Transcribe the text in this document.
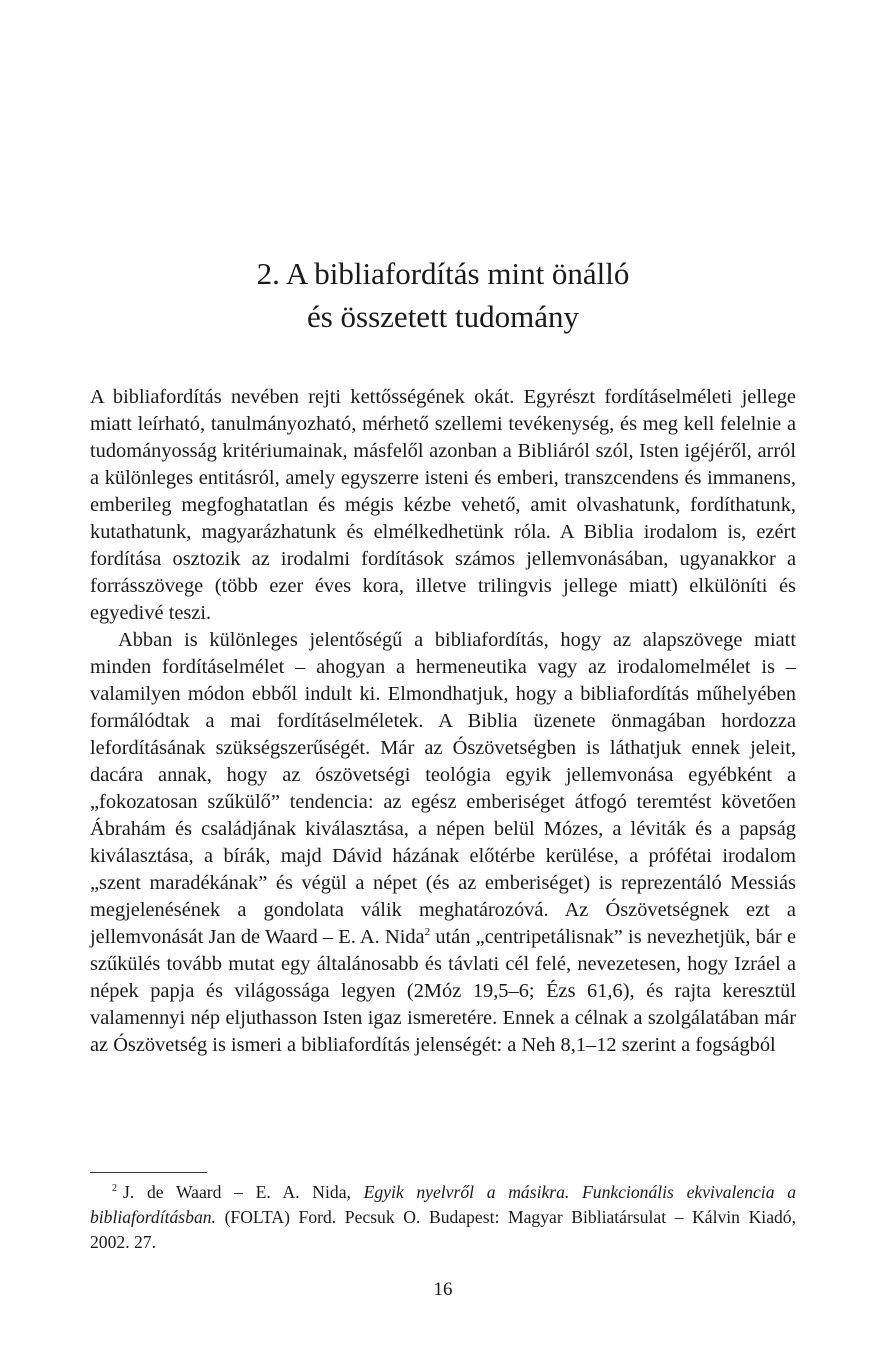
2. A bibliafordítás mint önálló
és összetett tudomány

A bibliafordítás nevében rejti kettősségének okát. Egyrészt fordításelméleti jellege miatt leírható, tanulmányozható, mérhető szellemi tevékenység, és meg kell felelnie a tudományosság kritériumainak, másfelől azonban a Bibliáról szól, Isten igéjéről, arról a különleges entitásról, amely egyszerre isteni és emberi, transzcendens és immanens, emberileg megfoghatatlan és mégis kézbe vehető, amit olvashatunk, fordíthatunk, kutathatunk, magyarázhatunk és elmélkedhetünk róla. A Biblia irodalom is, ezért fordítása osztozik az irodalmi fordítások számos jellemvonásában, ugyanakkor a forrásszövege (több ezer éves kora, illetve trilingvis jellege miatt) elkülöníti és egyedivé teszi.

Abban is különleges jelentőségű a bibliafordítás, hogy az alapszövege miatt minden fordításelmélet – ahogyan a hermeneutika vagy az irodalomelmélet is – valamilyen módon ebből indult ki. Elmondhatjuk, hogy a bibliafordítás műhelyében formálódtak a mai fordításelméletek. A Biblia üzenete önmagában hordozza lefordításának szükségszerűségét. Már az Ószövetségben is láthatjuk ennek jeleit, dacára annak, hogy az ószövetségi teológia egyik jellemvonása egyébként a „fokozatosan szűkülő” tendencia: az egész emberiséget átfogó teremtést követően Ábrahám és családjának kiválasztása, a népen belül Mózes, a léviták és a papság kiválasztása, a bírák, majd Dávid házának előtérbe kerülése, a prófétai irodalom „szent maradékának” és végül a népet (és az emberiséget) is reprezentáló Messiás megjelenésének a gondolata válik meghatározóvá. Az Ószövetségnek ezt a jellemvonását Jan de Waard – E. A. Nida$^2$ után „centripetálisnak” is nevezhetjük, bár e szűkülés tovább mutat egy általánosabb és távlati cél felé, nevezetesen, hogy Izráel a népek papja és világossága legyen (2Móz 19,5–6; Ézs 61,6), és rajta keresztül valamennyi nép eljuthasson Isten igaz ismeretére. Ennek a célnak a szolgálatában már az Ószövetség is ismeri a bibliafordítás jelenségét: a Neh 8,1–12 szerint a fogságból

$^2$ J. de Waard – E. A. Nida, Egyik nyelvről a másikra. Funkcionális ekvivalencia a bibliafordításban. (FOLTA) Ford. Pecsuk O. Budapest: Magyar Bibliatársulat – Kálvin Kiadó, 2002. 27.

16
